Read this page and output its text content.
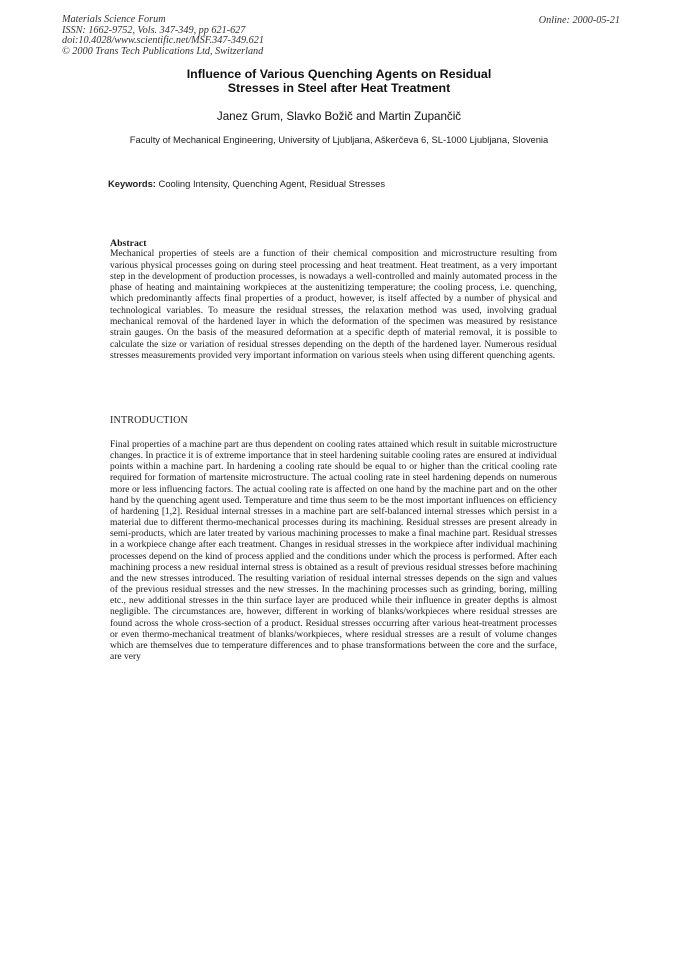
Materials Science Forum
ISSN: 1662-9752, Vols. 347-349, pp 621-627
doi:10.4028/www.scientific.net/MSF.347-349.621
© 2000 Trans Tech Publications Ltd, Switzerland
Online: 2000-05-21
Influence of Various Quenching Agents on Residual
Stresses in Steel after Heat Treatment
Janez Grum, Slavko Božič and Martin Zupančič
Faculty of Mechanical Engineering, University of Ljubljana, Aškerčeva 6, SL-1000 Ljubljana, Slovenia
Keywords: Cooling Intensity, Quenching Agent, Residual Stresses
Abstract

Mechanical properties of steels are a function of their chemical composition and microstructure resulting from various physical processes going on during steel processing and heat treatment. Heat treatment, as a very important step in the development of production processes, is nowadays a well-controlled and mainly automated process in the phase of heating and maintaining workpieces at the austenitizing temperature; the cooling process, i.e. quenching, which predominantly affects final properties of a product, however, is itself affected by a number of physical and technological variables. To measure the residual stresses, the relaxation method was used, involving gradual mechanical removal of the hardened layer in which the deformation of the specimen was measured by resistance strain gauges. On the basis of the measured deformation at a specific depth of material removal, it is possible to calculate the size or variation of residual stresses depending on the depth of the hardened layer. Numerous residual stresses measurements provided very important information on various steels when using different quenching agents.

INTRODUCTION

Final properties of a machine part are thus dependent on cooling rates attained which result in suitable microstructure changes. In practice it is of extreme importance that in steel hardening suitable cooling rates are ensured at individual points within a machine part. In hardening a cooling rate should be equal to or higher than the critical cooling rate required for formation of martensite microstructure. The actual cooling rate in steel hardening depends on numerous more or less influencing factors. The actual cooling rate is affected on one hand by the machine part and on the other hand by the quenching agent used. Temperature and time thus seem to be the most important influences on efficiency of hardening [1,2]. Residual internal stresses in a machine part are self-balanced internal stresses which persist in a material due to different thermo-mechanical processes during its machining. Residual stresses are present already in semi-products, which are later treated by various machining processes to make a final machine part. Residual stresses in a workpiece change after each treatment. Changes in residual stresses in the workpiece after individual machining processes depend on the kind of process applied and the conditions under which the process is performed. After each machining process a new residual internal stress is obtained as a result of previous residual stresses before machining and the new stresses introduced. The resulting variation of residual internal stresses depends on the sign and values of the previous residual stresses and the new stresses. In the machining processes such as grinding, boring, milling etc., new additional stresses in the thin surface layer are produced while their influence in greater depths is almost negligible. The circumstances are, however, different in working of blanks/workpieces where residual stresses are found across the whole cross-section of a product. Residual stresses occurring after various heat-treatment processes or even thermo-mechanical treatment of blanks/workpieces, where residual stresses are a result of volume changes which are themselves due to temperature differences and to phase transformations between the core and the surface, are very
